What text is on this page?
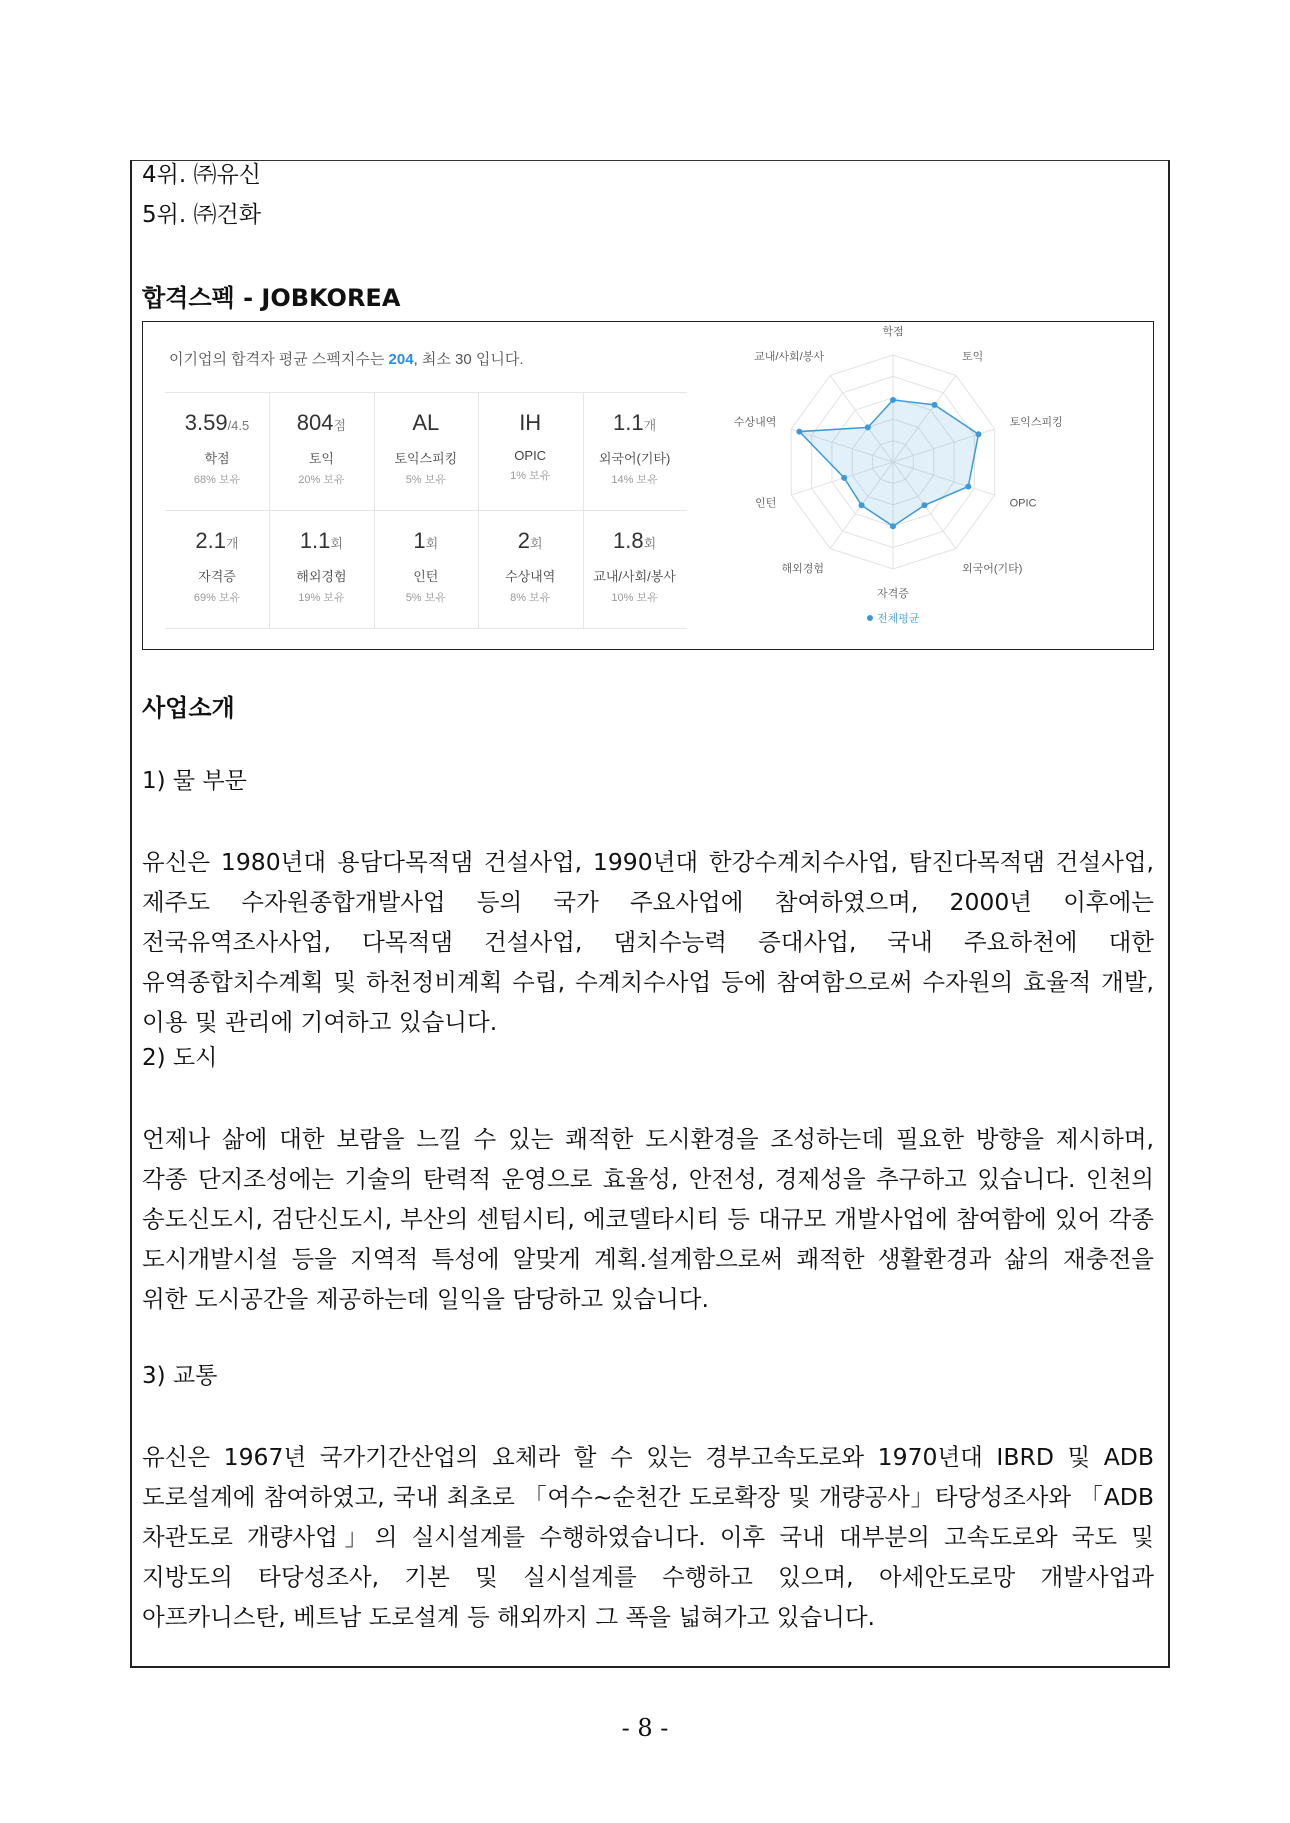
4위. ㈜유신
5위. ㈜건화
합격스펙 - JOBKOREA
이기업의 합격자 평균 스펙지수는 204, 최소 30 입니다.
3.59/4.5
학점
68% 보유
804점
토익
20% 보유
AL
토익스피킹
5% 보유
IH
OPIC
1% 보유
1.1개
외국어(기타)
14% 보유
2.1개
자격증
69% 보유
1.1회
해외경험
19% 보유
1회
인턴
5% 보유
2회
수상내역
8% 보유
1.8회
교내/사회/봉사
10% 보유
학점
토익
토익스피킹
OPIC
외국어(기타)
자격증
해외경험
인턴
수상내역
교내/사회/봉사
전체평균
사업소개
1) 물 부문
유신은 1980년대 용담다목적댐 건설사업, 1990년대 한강수계치수사업, 탐진다목적댐 건설사업, 제주도 수자원종합개발사업 등의 국가 주요사업에 참여하였으며, 2000년 이후에는 전국유역조사사업, 다목적댐 건설사업, 댐치수능력 증대사업, 국내 주요하천에 대한 유역종합치수계획 및 하천정비계획 수립, 수계치수사업 등에 참여함으로써 수자원의 효율적 개발, 이용 및 관리에 기여하고 있습니다.
2) 도시
언제나 삶에 대한 보람을 느낄 수 있는 쾌적한 도시환경을 조성하는데 필요한 방향을 제시하며, 각종 단지조성에는 기술의 탄력적 운영으로 효율성, 안전성, 경제성을 추구하고 있습니다. 인천의 송도신도시, 검단신도시, 부산의 센텀시티, 에코델타시티 등 대규모 개발사업에 참여함에 있어 각종 도시개발시설 등을 지역적 특성에 알맞게 계획.설계함으로써 쾌적한 생활환경과 삶의 재충전을 위한 도시공간을 제공하는데 일익을 담당하고 있습니다.
3) 교통
유신은 1967년 국가기간산업의 요체라 할 수 있는 경부고속도로와 1970년대 IBRD 및 ADB 도로설계에 참여하였고, 국내 최초로 「여수~순천간 도로확장 및 개량공사」타당성조사와 「ADB 차관도로 개량사업」의 실시설계를 수행하였습니다. 이후 국내 대부분의 고속도로와 국도 및 지방도의 타당성조사, 기본 및 실시설계를 수행하고 있으며, 아세안도로망 개발사업과 아프카니스탄, 베트남 도로설계 등 해외까지 그 폭을 넓혀가고 있습니다.
- 8 -
